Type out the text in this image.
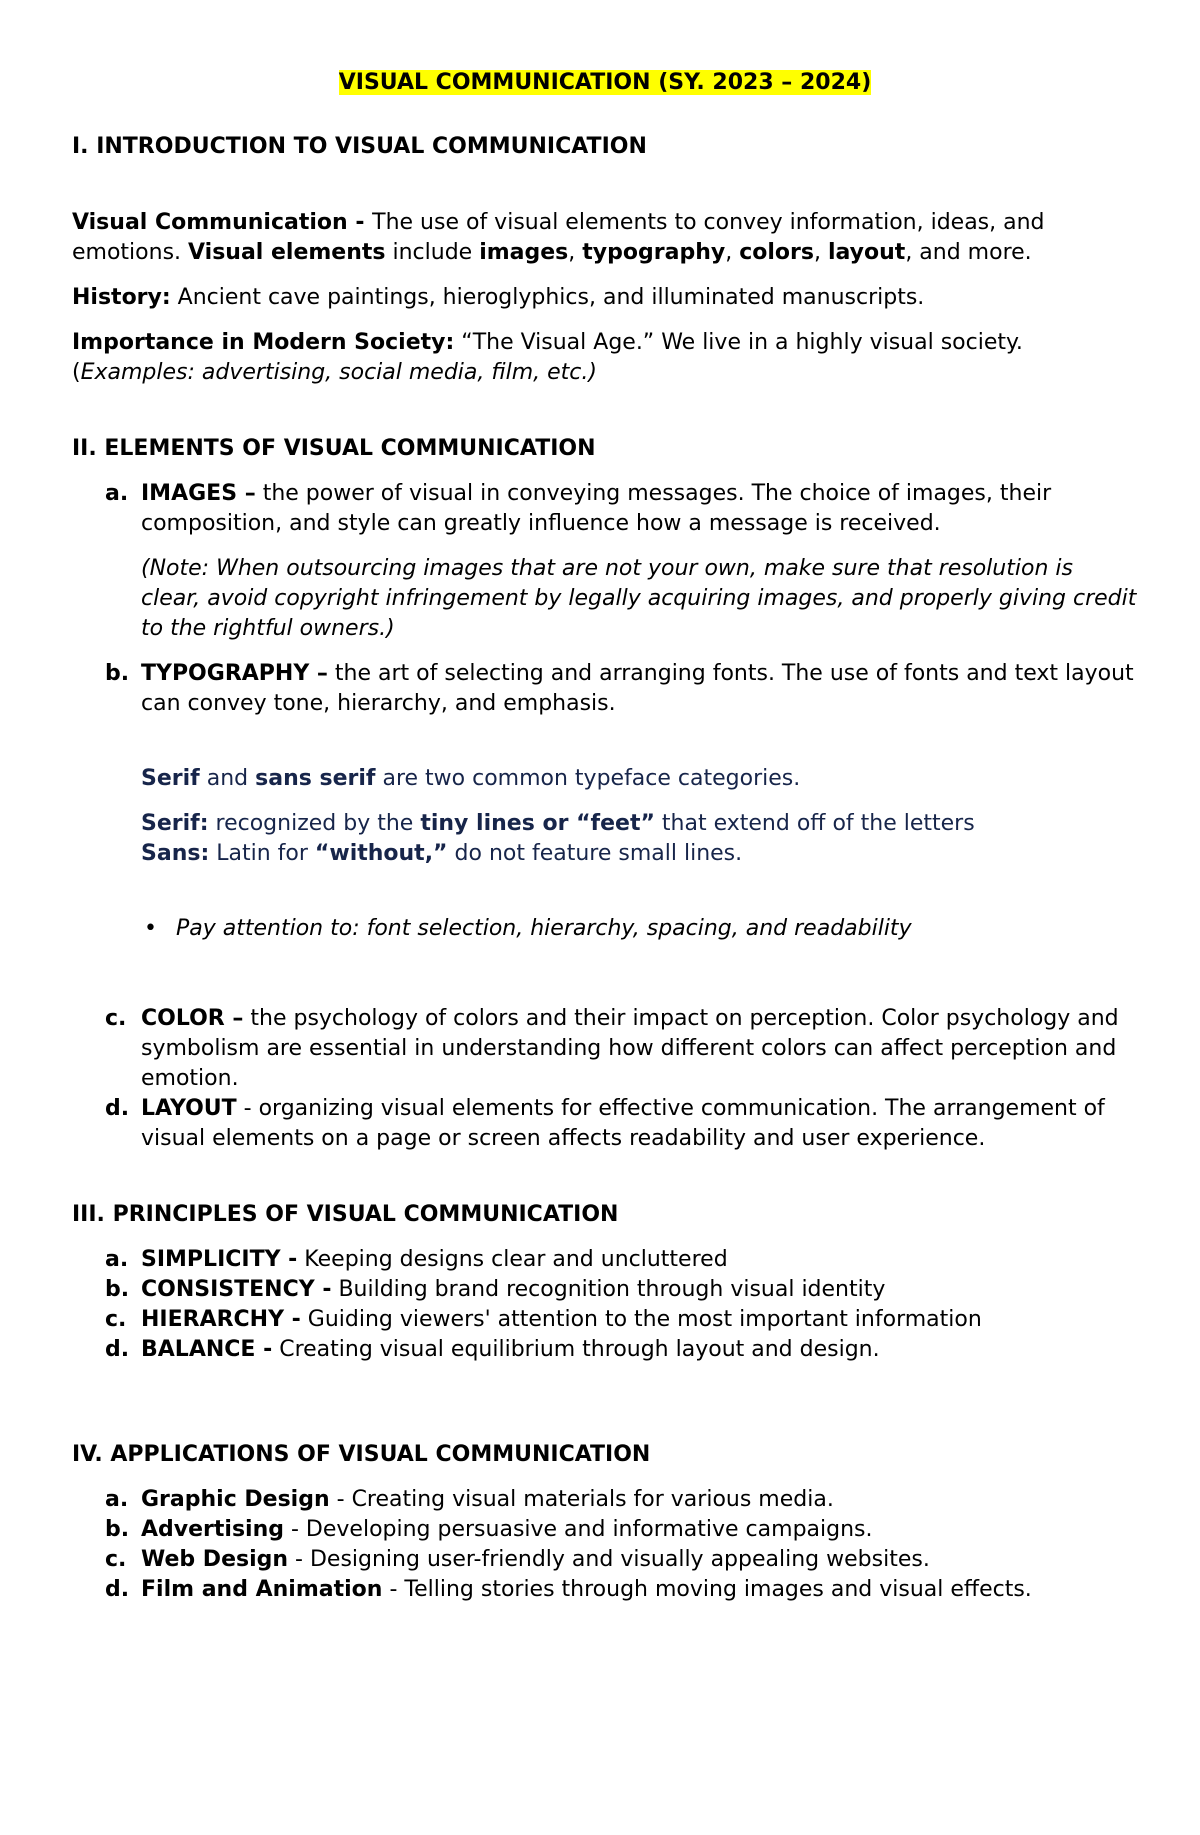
VISUAL COMMUNICATION (SY. 2023 – 2024)

I. INTRODUCTION TO VISUAL COMMUNICATION

Visual Communication - The use of visual elements to convey information, ideas, and emotions. Visual elements include images, typography, colors, layout, and more.

History: Ancient cave paintings, hieroglyphics, and illuminated manuscripts.

Importance in Modern Society: “The Visual Age.” We live in a highly visual society. (Examples: advertising, social media, film, etc.)

II. ELEMENTS OF VISUAL COMMUNICATION

a. IMAGES – the power of visual in conveying messages. The choice of images, their composition, and style can greatly influence how a message is received.

(Note: When outsourcing images that are not your own, make sure that resolution is clear, avoid copyright infringement by legally acquiring images, and properly giving credit to the rightful owners.)

b. TYPOGRAPHY – the art of selecting and arranging fonts. The use of fonts and text layout can convey tone, hierarchy, and emphasis.

Serif and sans serif are two common typeface categories.

Serif: recognized by the tiny lines or “feet” that extend off of the letters

Sans: Latin for “without,” do not feature small lines.

• Pay attention to: font selection, hierarchy, spacing, and readability

c. COLOR – the psychology of colors and their impact on perception. Color psychology and symbolism are essential in understanding how different colors can affect perception and emotion.
d. LAYOUT - organizing visual elements for effective communication. The arrangement of visual elements on a page or screen affects readability and user experience.

III. PRINCIPLES OF VISUAL COMMUNICATION

a. SIMPLICITY - Keeping designs clear and uncluttered
b. CONSISTENCY - Building brand recognition through visual identity
c. HIERARCHY - Guiding viewers' attention to the most important information
d. BALANCE - Creating visual equilibrium through layout and design.

IV. APPLICATIONS OF VISUAL COMMUNICATION

a. Graphic Design - Creating visual materials for various media.
b. Advertising - Developing persuasive and informative campaigns.
c. Web Design - Designing user-friendly and visually appealing websites.
d. Film and Animation - Telling stories through moving images and visual effects.
